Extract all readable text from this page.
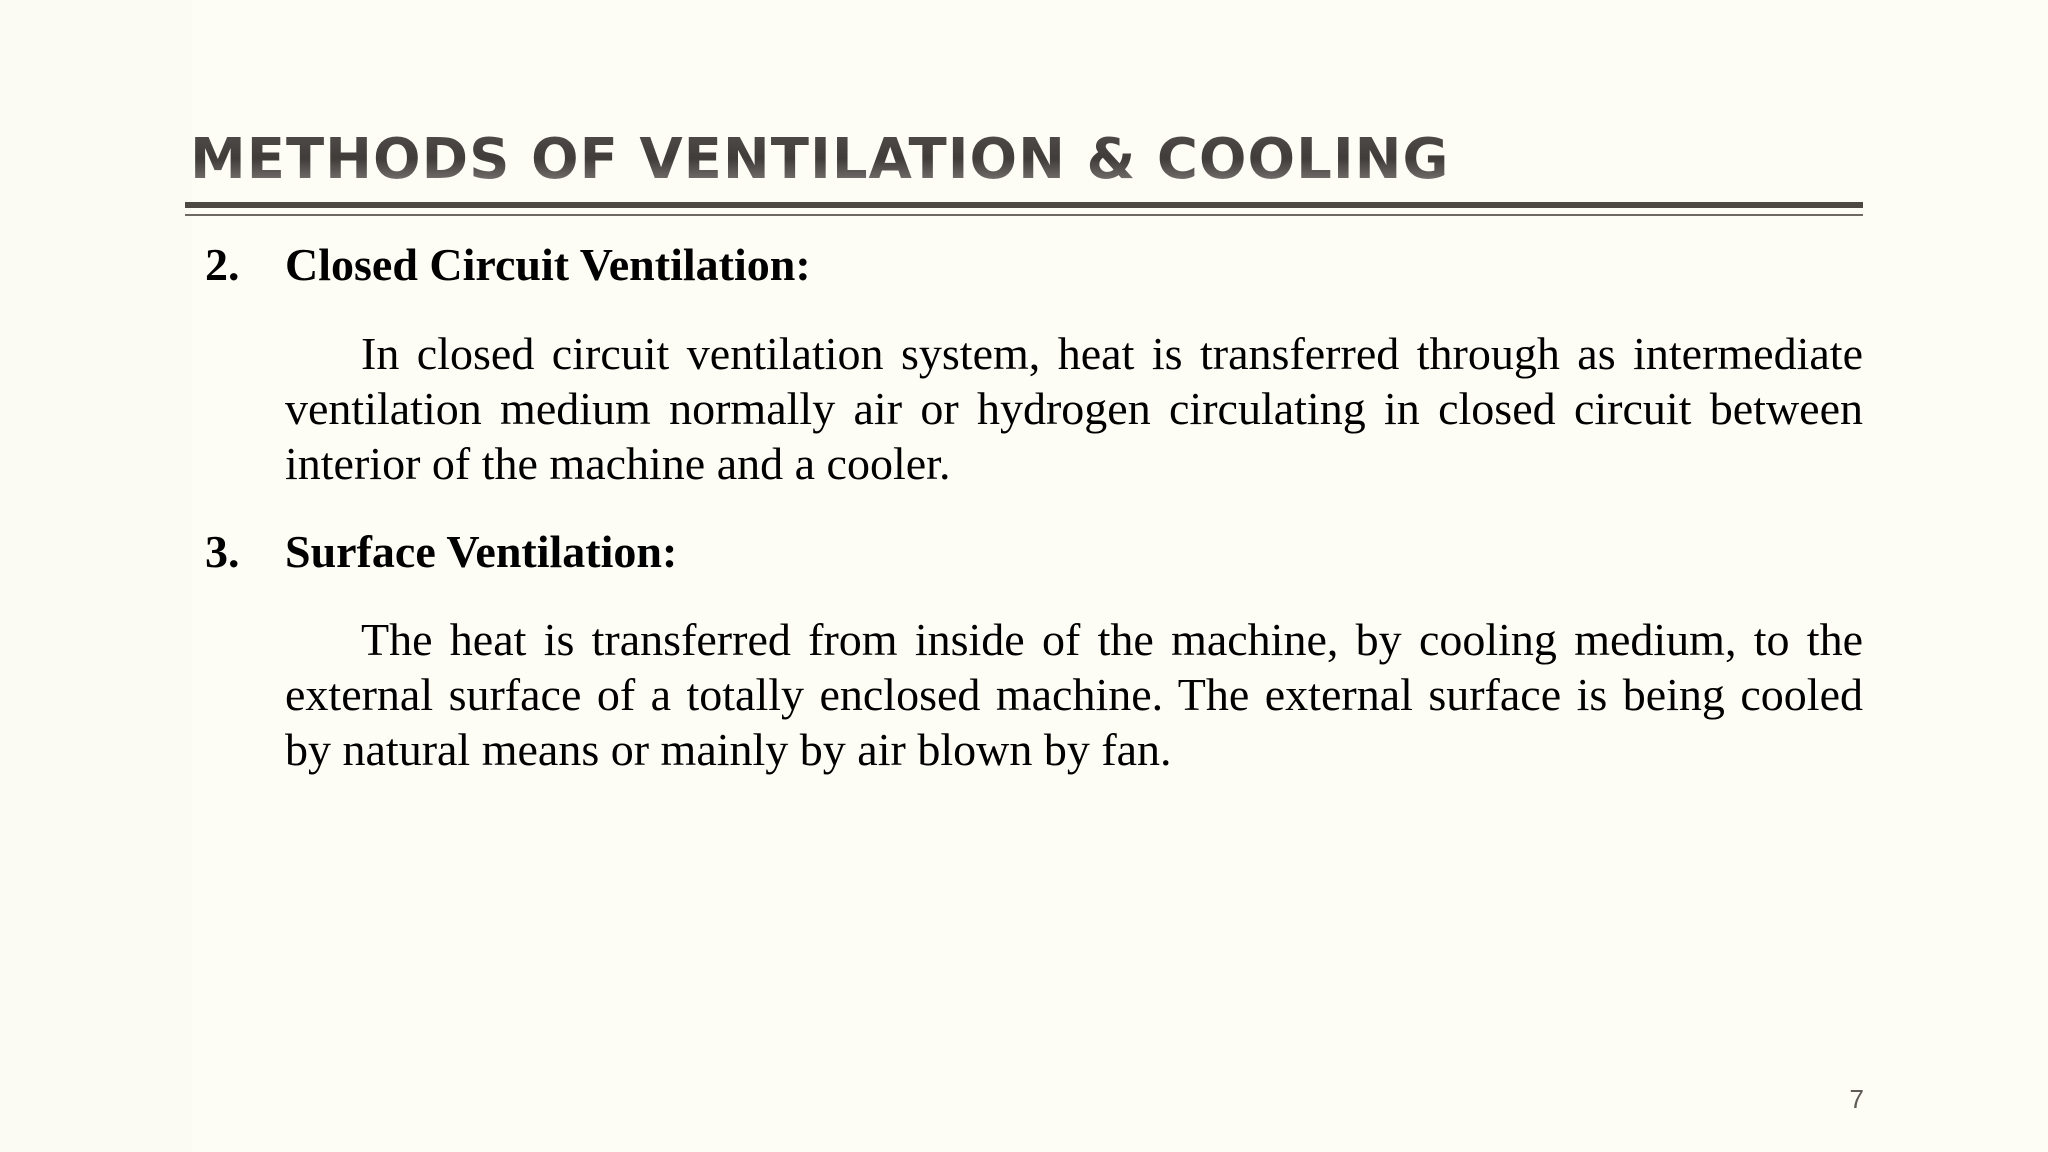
METHODS OF VENTILATION & COOLING
2. Closed Circuit Ventilation:
In closed circuit ventilation system, heat is transferred through as intermediate ventilation medium normally air or hydrogen circulating in closed circuit between interior of the machine and a cooler.
3. Surface Ventilation:
The heat is transferred from inside of the machine, by cooling medium, to the external surface of a totally enclosed machine. The external surface is being cooled by natural means or mainly by air blown by fan.
7
